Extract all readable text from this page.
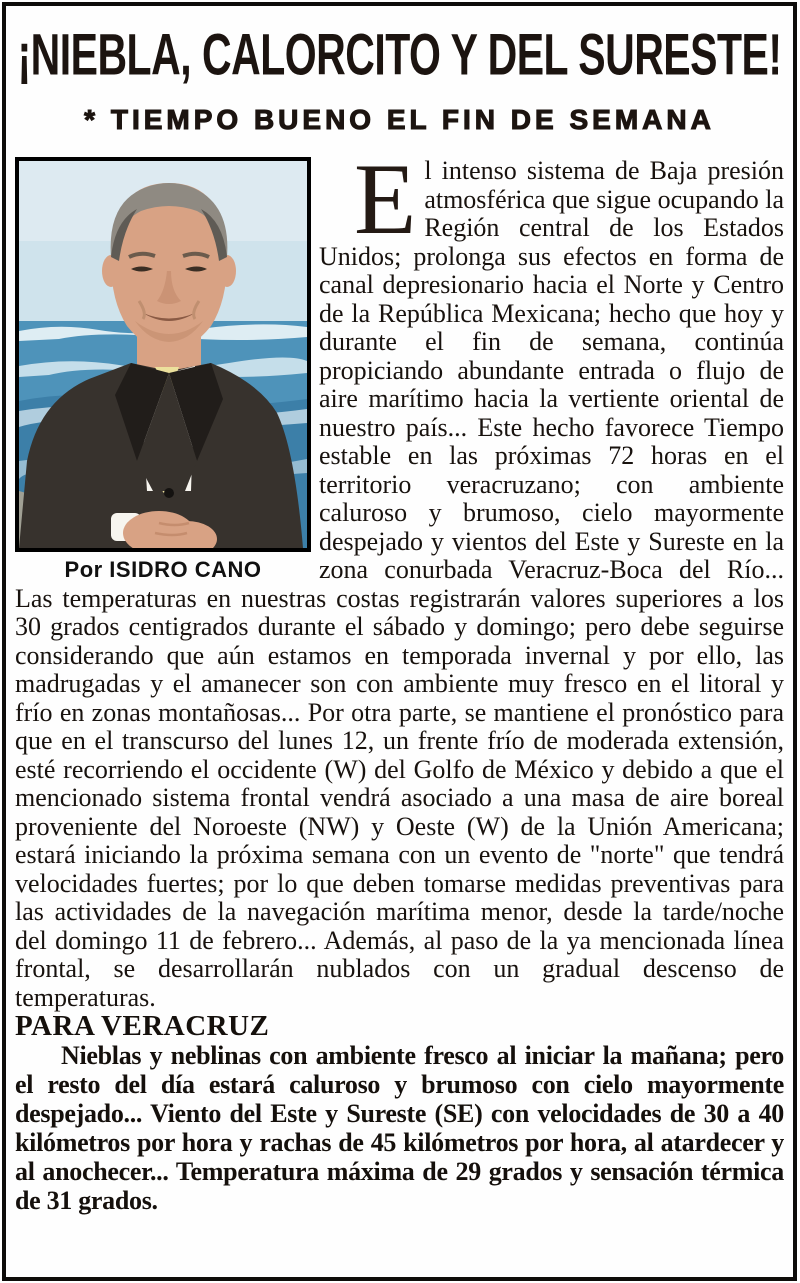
¡NIEBLA, CALORCITO Y DEL SURESTE!
* TIEMPO BUENO EL FIN DE SEMANA
Por ISIDRO CANO

El intenso sistema de Baja presión atmosférica que sigue ocupando la Región central de los Estados Unidos; prolonga sus efectos en forma de canal depresionario hacia el Norte y Centro de la República Mexicana; hecho que hoy y durante el fin de semana, continúa propiciando abundante entrada o flujo de aire marítimo hacia la vertiente oriental de nuestro país... Este hecho favorece Tiempo estable en las próximas 72 horas en el territorio veracruzano; con ambiente caluroso y brumoso, cielo mayormente despejado y vientos del Este y Sureste en la zona conurbada Veracruz-Boca del Río... Las temperaturas en nuestras costas registrarán valores superiores a los 30 grados centigrados durante el sábado y domingo; pero debe seguirse considerando que aún estamos en temporada invernal y por ello, las madrugadas y el amanecer son con ambiente muy fresco en el litoral y frío en zonas montañosas... Por otra parte, se mantiene el pronóstico para que en el transcurso del lunes 12, un frente frío de moderada extensión, esté recorriendo el occidente (W) del Golfo de México y debido a que el mencionado sistema frontal vendrá asociado a una masa de aire boreal proveniente del Noroeste (NW) y Oeste (W) de la Unión Americana; estará iniciando la próxima semana con un evento de "norte" que tendrá velocidades fuertes; por lo que deben tomarse medidas preventivas para las actividades de la navegación marítima menor, desde la tarde/noche del domingo 11 de febrero... Además, al paso de la ya mencionada línea frontal, se desarrollarán nublados con un gradual descenso de temperaturas.

PARA VERACRUZ

Nieblas y neblinas con ambiente fresco al iniciar la mañana; pero el resto del día estará caluroso y brumoso con cielo mayormente despejado... Viento del Este y Sureste (SE) con velocidades de 30 a 40 kilómetros por hora y rachas de 45 kilómetros por hora, al atardecer y al anochecer... Temperatura máxima de 29 grados y sensación térmica de 31 grados.
